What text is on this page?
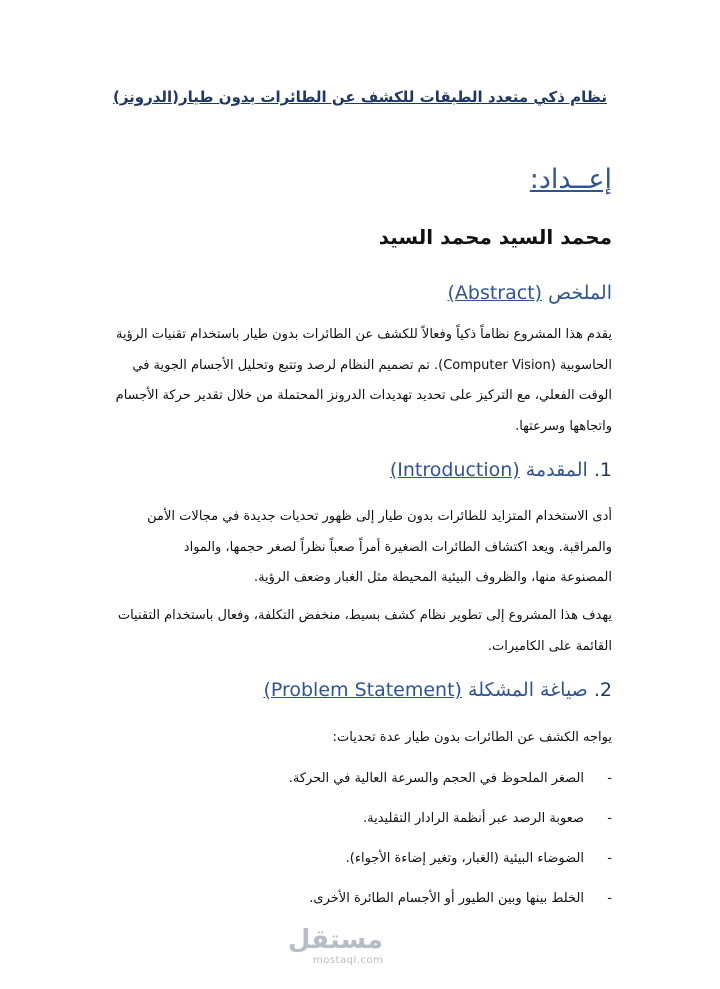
نظام ذكي متعدد الطبقات للكشف عن الطائرات بدون طيار(الدرونز)
إعــداد:
محمد السيد محمد السيد
الملخص (Abstract)
يقدم هذا المشروع نظاماً ذكياً وفعالاً للكشف عن الطائرات بدون طيار باستخدام تقنيات الرؤية
الحاسوبية (Computer Vision). تم تصميم النظام لرصد وتتبع وتحليل الأجسام الجوية في
الوقت الفعلي، مع التركيز على تحديد تهديدات الدرونز المحتملة من خلال تقدير حركة الأجسام
واتجاهها وسرعتها.
1. المقدمة (Introduction)
أدى الاستخدام المتزايد للطائرات بدون طيار إلى ظهور تحديات جديدة في مجالات الأمن
والمراقبة. ويعد اكتشاف الطائرات الصغيرة أمراً صعباً نظراً لصغر حجمها، والمواد
المصنوعة منها، والظروف البيئية المحيطة مثل الغبار وضعف الرؤية.
يهدف هذا المشروع إلى تطوير نظام كشف بسيط، منخفض التكلفة، وفعال باستخدام التقنيات
القائمة على الكاميرات.
2. صياغة المشكلة (Problem Statement)
يواجه الكشف عن الطائرات بدون طيار عدة تحديات:
-
الصغر الملحوظ في الحجم والسرعة العالية في الحركة.
-
صعوبة الرصد عبر أنظمة الرادار التقليدية.
-
الضوضاء البيئية (الغبار، وتغير إضاءة الأجواء).
-
الخلط بينها وبين الطيور أو الأجسام الطائرة الأخرى.
مستقل
mostaql.com
